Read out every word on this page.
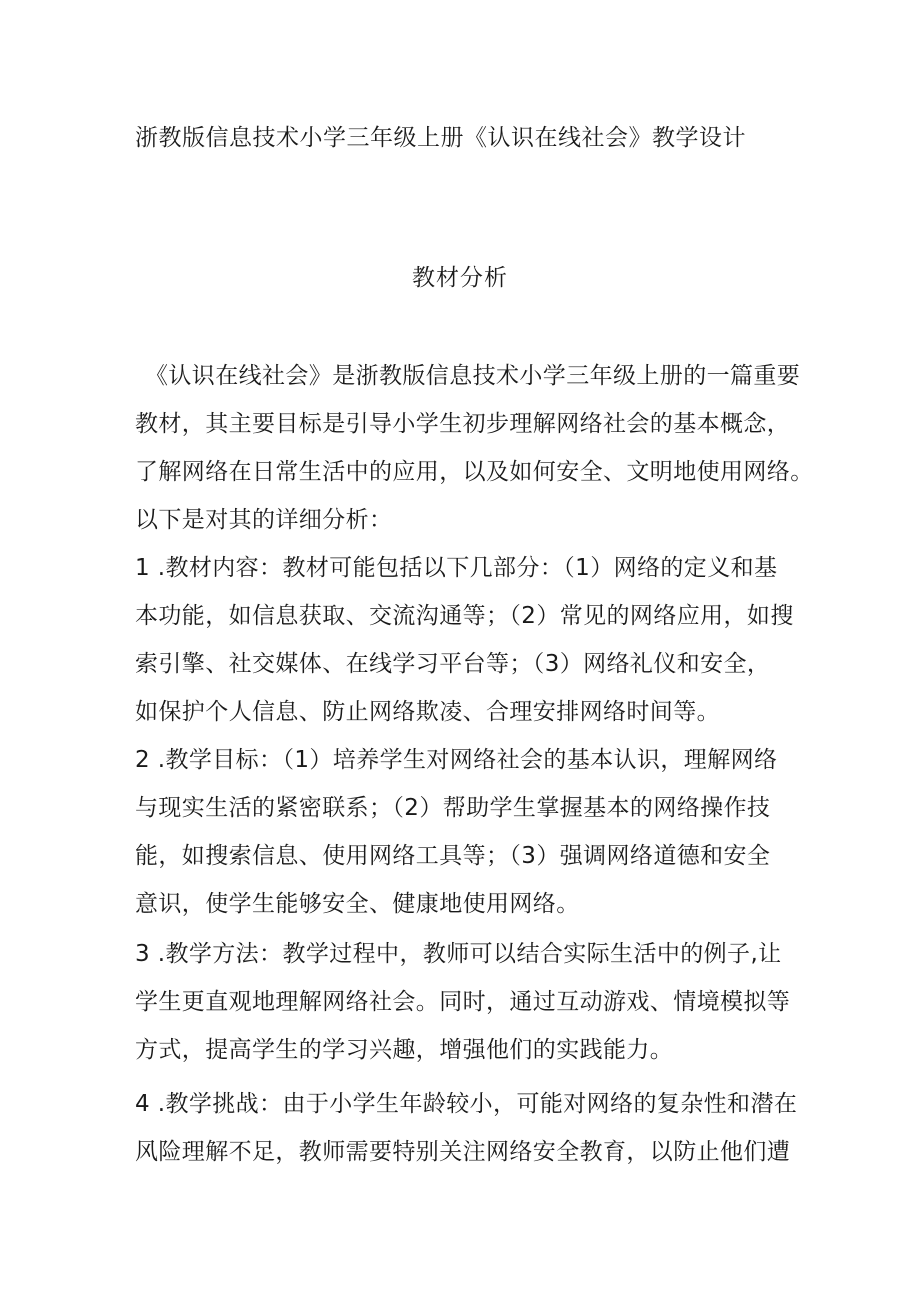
浙教版信息技术小学三年级上册《认识在线社会》教学设计
教材分析
《认识在线社会》是浙教版信息技术小学三年级上册的一篇重要
教材，其主要目标是引导小学生初步理解网络社会的基本概念，
了解网络在日常生活中的应用，以及如何安全、文明地使用网络。
以下是对其的详细分析：
1 .教材内容：教材可能包括以下几部分：（1）网络的定义和基
本功能，如信息获取、交流沟通等；（2）常见的网络应用，如搜
索引擎、社交媒体、在线学习平台等；（3）网络礼仪和安全，
如保护个人信息、防止网络欺凌、合理安排网络时间等。
2 .教学目标：（1）培养学生对网络社会的基本认识，理解网络
与现实生活的紧密联系；（2）帮助学生掌握基本的网络操作技
能，如搜索信息、使用网络工具等；（3）强调网络道德和安全
意识，使学生能够安全、健康地使用网络。
3 .教学方法：教学过程中，教师可以结合实际生活中的例子,让
学生更直观地理解网络社会。同时，通过互动游戏、情境模拟等
方式，提高学生的学习兴趣，增强他们的实践能力。
4 .教学挑战：由于小学生年龄较小，可能对网络的复杂性和潜在
风险理解不足，教师需要特别关注网络安全教育，以防止他们遭
